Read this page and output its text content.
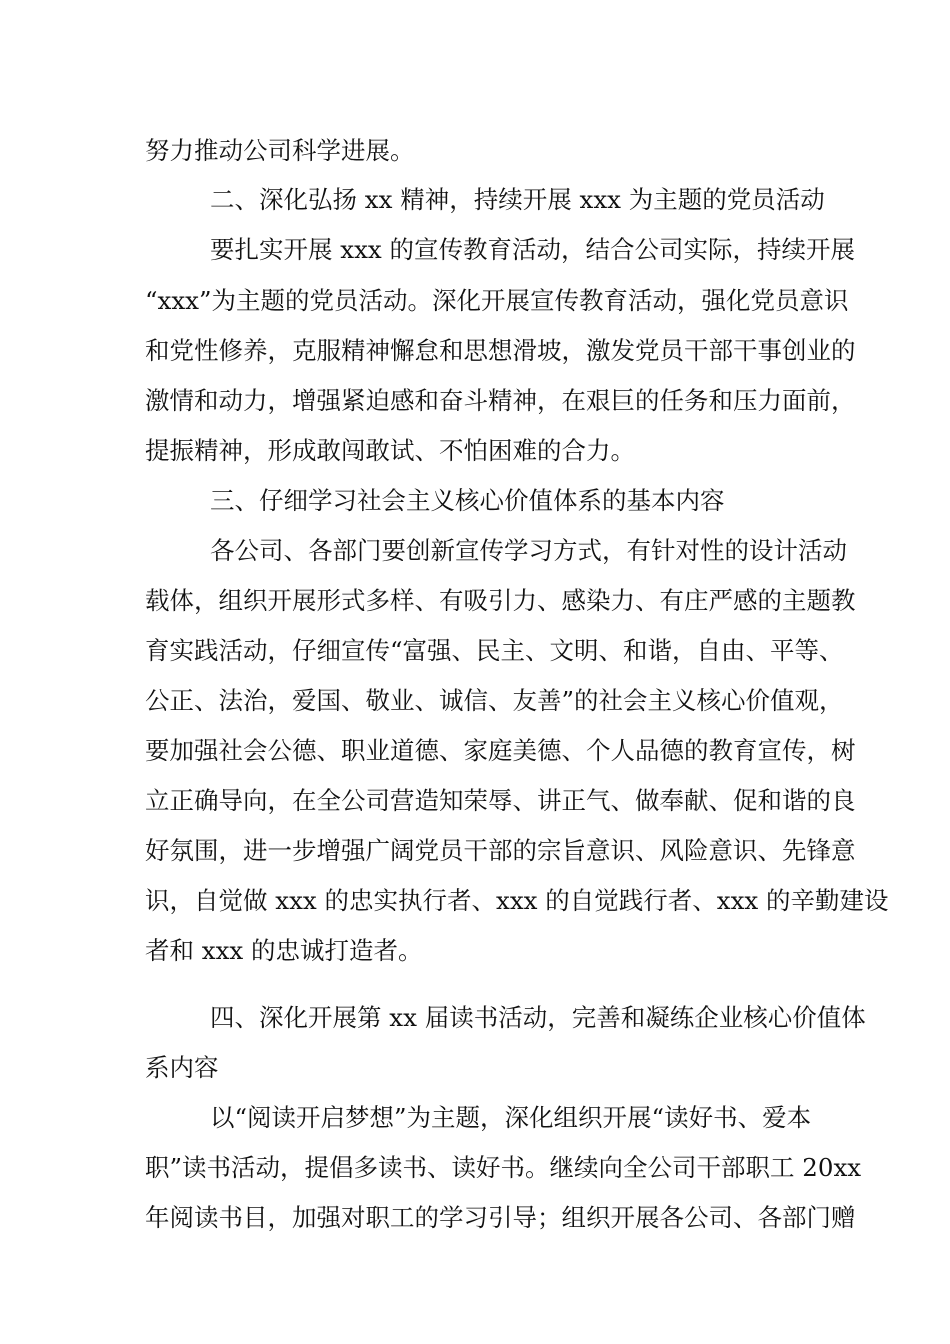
努力推动公司科学进展。

二、深化弘扬 xx 精神，持续开展 xxx 为主题的党员活动

要扎实开展 xxx 的宣传教育活动，结合公司实际，持续开展

“xxx”为主题的党员活动。深化开展宣传教育活动，强化党员意识

和党性修养，克服精神懈怠和思想滑坡，激发党员干部干事创业的

激情和动力，增强紧迫感和奋斗精神，在艰巨的任务和压力面前，

提振精神，形成敢闯敢试、不怕困难的合力。

三、仔细学习社会主义核心价值体系的基本内容

各公司、各部门要创新宣传学习方式，有针对性的设计活动

载体，组织开展形式多样、有吸引力、感染力、有庄严感的主题教

育实践活动，仔细宣传“富强、民主、文明、和谐，自由、平等、

公正、法治，爱国、敬业、诚信、友善”的社会主义核心价值观，

要加强社会公德、职业道德、家庭美德、个人品德的教育宣传，树

立正确导向，在全公司营造知荣辱、讲正气、做奉献、促和谐的良

好氛围，进一步增强广阔党员干部的宗旨意识、风险意识、先锋意

识，自觉做 xxx 的忠实执行者、xxx 的自觉践行者、xxx 的辛勤建设

者和 xxx 的忠诚打造者。

四、深化开展第 xx 届读书活动，完善和凝练企业核心价值体

系内容

以“阅读开启梦想”为主题，深化组织开展“读好书、爱本

职”读书活动，提倡多读书、读好书。继续向全公司干部职工 20xx

年阅读书目，加强对职工的学习引导；组织开展各公司、各部门赠
